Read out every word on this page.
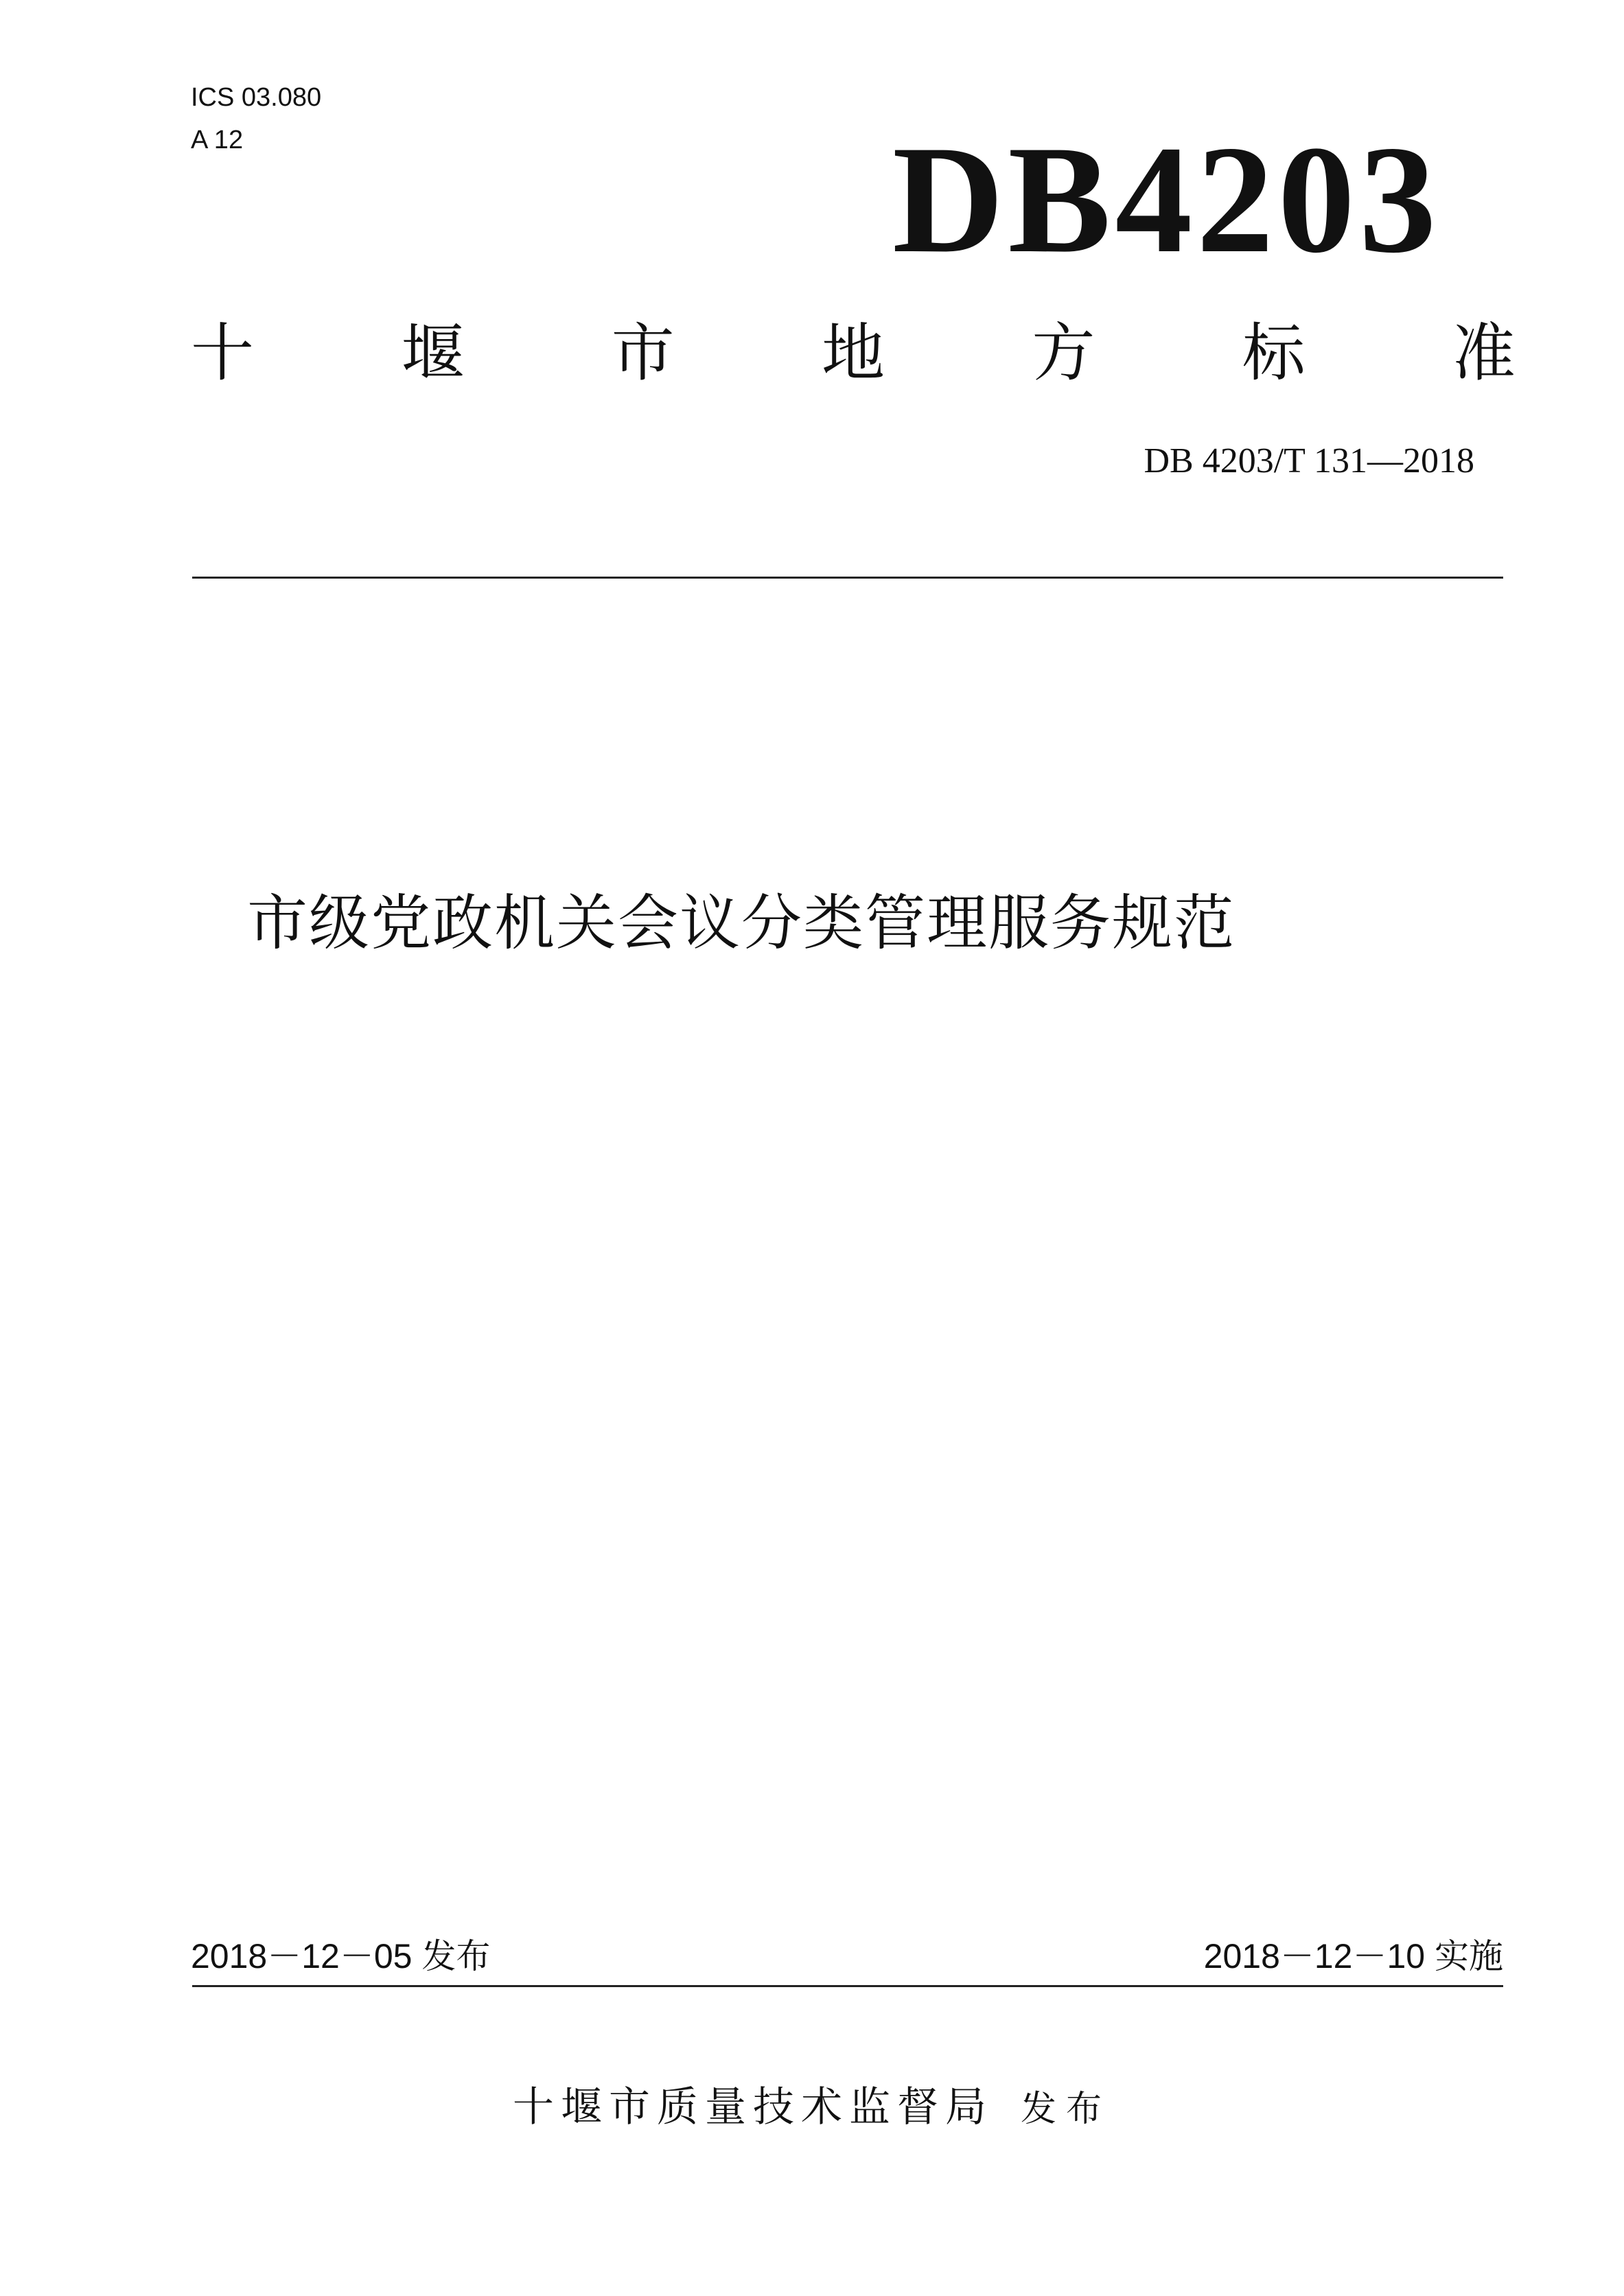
ICS 03.080
A 12	DB4203
十 堰 市 地 方 标 准
DB 4203/T 131—2018
市级党政机关会议分类管理服务规范
2018－12－05 发布	2018－12－10 实施
十堰市质量技术监督局 发布
